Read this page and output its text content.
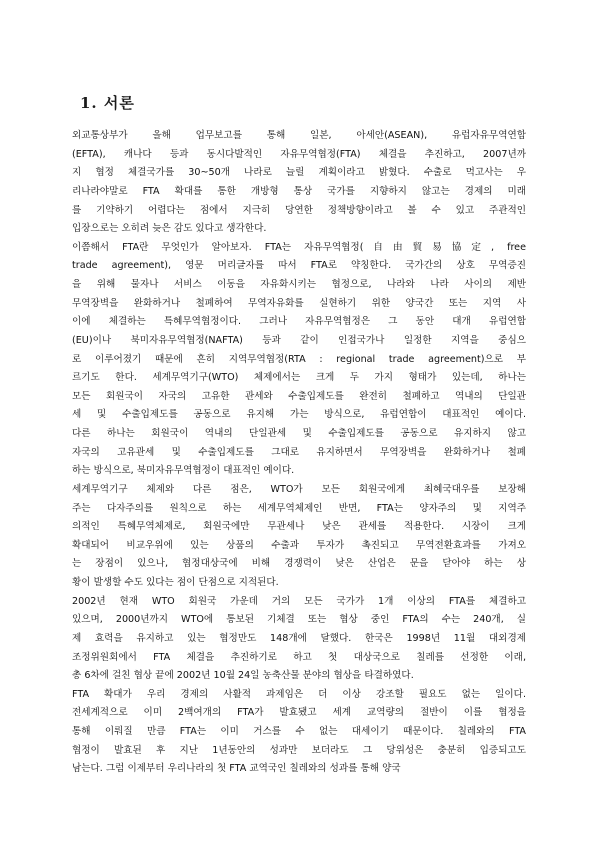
1. 서론
외교통상부가 올해 업무보고를 통해 일본, 아세안(ASEAN), 유럽자유무역연합
(EFTA), 캐나다 등과 동시다발적인 자유무역협정(FTA) 체결을 추진하고, 2007년까
지 협정 체결국가를 30~50개 나라로 늘릴 계획이라고 밝혔다. 수출로 먹고사는 우
리나라야말로 FTA 확대를 통한 개방형 통상 국가를 지향하지 않고는 경제의 미래
를 기약하기 어렵다는 점에서 지극히 당연한 정책방향이라고 볼 수 있고 주관적인
입장으로는 오히려 늦은 감도 있다고 생각한다.
이쯤해서 FTA란 무엇인가 알아보자. FTA는 자유무역협정(自由貿易協定, free
trade agreement), 영문 머리글자를 따서 FTA로 약칭한다. 국가간의 상호 무역증진
을 위해 물자나 서비스 이동을 자유화시키는 협정으로, 나라와 나라 사이의 제반
무역장벽을 완화하거나 철폐하여 무역자유화를 실현하기 위한 양국간 또는 지역 사
이에 체결하는 특혜무역협정이다. 그러나 자유무역협정은 그 동안 대개 유럽연합
(EU)이나 북미자유무역협정(NAFTA) 등과 같이 인접국가나 일정한 지역을 중심으
로 이루어졌기 때문에 흔히 지역무역협정(RTA : regional trade agreement)으로 부
르기도 한다. 세계무역기구(WTO) 체제에서는 크게 두 가지 형태가 있는데, 하나는
모든 회원국이 자국의 고유한 관세와 수출입제도를 완전히 철폐하고 역내의 단일관
세 및 수출입제도를 공동으로 유지해 가는 방식으로, 유럽연합이 대표적인 예이다.
다른 하나는 회원국이 역내의 단일관세 및 수출입제도를 공동으로 유지하지 않고
자국의 고유관세 및 수출입제도를 그대로 유지하면서 무역장벽을 완화하거나 철폐
하는 방식으로, 북미자유무역협정이 대표적인 예이다.
세계무역기구 체제와 다른 점은, WTO가 모든 회원국에게 최혜국대우를 보장해
주는 다자주의를 원칙으로 하는 세계무역체제인 반면, FTA는 양자주의 및 지역주
의적인 특혜무역체제로, 회원국에만 무관세나 낮은 관세를 적용한다. 시장이 크게
확대되어 비교우위에 있는 상품의 수출과 투자가 촉진되고 무역전환효과를 가져오
는 장점이 있으나, 협정대상국에 비해 경쟁력이 낮은 산업은 문을 닫아야 하는 상
황이 발생할 수도 있다는 점이 단점으로 지적된다.
2002년 현재 WTO 회원국 가운데 거의 모든 국가가 1개 이상의 FTA를 체결하고
있으며, 2000년까지 WTO에 통보된 기체결 또는 협상 중인 FTA의 수는 240개, 실
제 효력을 유지하고 있는 협정만도 148개에 달했다. 한국은 1998년 11월 대외경제
조정위원회에서 FTA 체결을 추진하기로 하고 첫 대상국으로 칠레를 선정한 이래,
총 6차에 걸친 협상 끝에 2002년 10월 24일 농축산물 분야의 협상을 타결하였다.
FTA 확대가 우리 경제의 사활적 과제임은 더 이상 강조할 필요도 없는 일이다.
전세계적으로 이미 2백여개의 FTA가 발효됐고 세계 교역량의 절반이 이를 협정을
통해 이뤄질 만큼 FTA는 이미 거스를 수 없는 대세이기 때문이다. 칠레와의 FTA
협정이 발효된 후 지난 1년동안의 성과만 보더라도 그 당위성은 충분히 입증되고도
남는다. 그럼 이제부터 우리나라의 첫 FTA 교역국인 칠레와의 성과를 통해 양국
